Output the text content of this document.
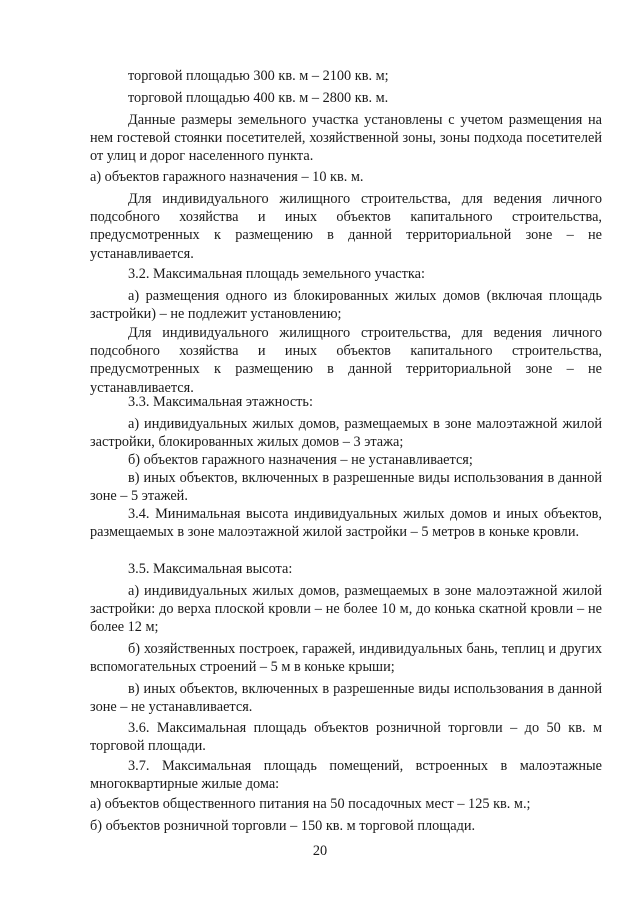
торговой площадью 300 кв. м – 2100 кв. м;
торговой площадью 400 кв. м – 2800 кв. м.
Данные размеры земельного участка установлены с учетом размещения на нем гостевой стоянки посетителей, хозяйственной зоны, зоны подхода посетителей от улиц и дорог населенного пункта.
а) объектов гаражного назначения – 10 кв. м.
Для индивидуального жилищного строительства, для ведения личного подсобного хозяйства и иных объектов капитального строительства, предусмотренных к размещению в данной территориальной зоне – не устанавливается.
3.2. Максимальная площадь земельного участка:
а) размещения одного из блокированных жилых домов (включая площадь застройки) – не подлежит установлению;
Для индивидуального жилищного строительства, для ведения личного подсобного хозяйства и иных объектов капитального строительства, предусмотренных к размещению в данной территориальной зоне – не устанавливается.
3.3. Максимальная этажность:
а) индивидуальных жилых домов, размещаемых в зоне малоэтажной жилой застройки, блокированных жилых домов – 3 этажа;
б) объектов гаражного назначения – не устанавливается;
в) иных объектов, включенных в разрешенные виды использования в данной зоне – 5 этажей.
3.4. Минимальная высота индивидуальных жилых домов и иных объектов, размещаемых в зоне малоэтажной жилой застройки – 5 метров в коньке кровли.
3.5. Максимальная высота:
а) индивидуальных жилых домов, размещаемых в зоне малоэтажной жилой застройки: до верха плоской кровли – не более 10 м, до конька скатной кровли – не более 12 м;
б) хозяйственных построек, гаражей, индивидуальных бань, теплиц и других вспомогательных строений – 5 м в коньке крыши;
в) иных объектов, включенных в разрешенные виды использования в данной зоне – не устанавливается.
3.6. Максимальная площадь объектов розничной торговли – до 50 кв. м торговой площади.
3.7. Максимальная площадь помещений, встроенных в малоэтажные многоквартирные жилые дома:
а) объектов общественного питания на 50 посадочных мест – 125 кв. м.;
б) объектов розничной торговли – 150 кв. м торговой площади.
20
